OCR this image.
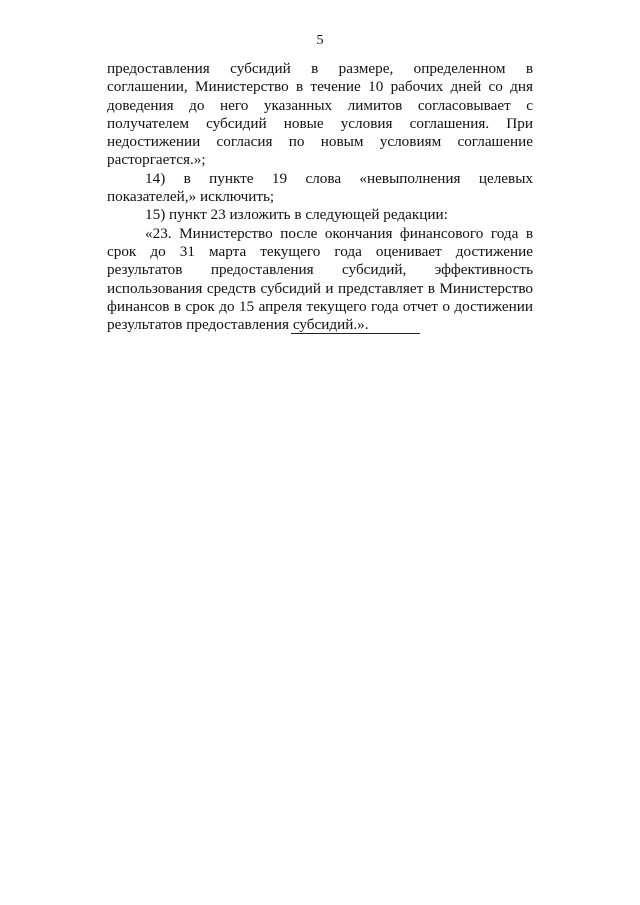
5

предоставления субсидий в размере, определенном в соглашении, Министерство в течение 10 рабочих дней со дня доведения до него указанных лимитов согласовывает с получателем субсидий новые условия соглашения. При недостижении согласия по новым условиям соглашение расторгается.»;

14) в пункте 19 слова «невыполнения целевых показателей,» исключить;

15) пункт 23 изложить в следующей редакции:

«23. Министерство после окончания финансового года в срок до 31 марта текущего года оценивает достижение результатов предоставления субсидий, эффективность использования средств субсидий и представляет в Министерство финансов в срок до 15 апреля текущего года отчет о достижении результатов предоставления субсидий.».
